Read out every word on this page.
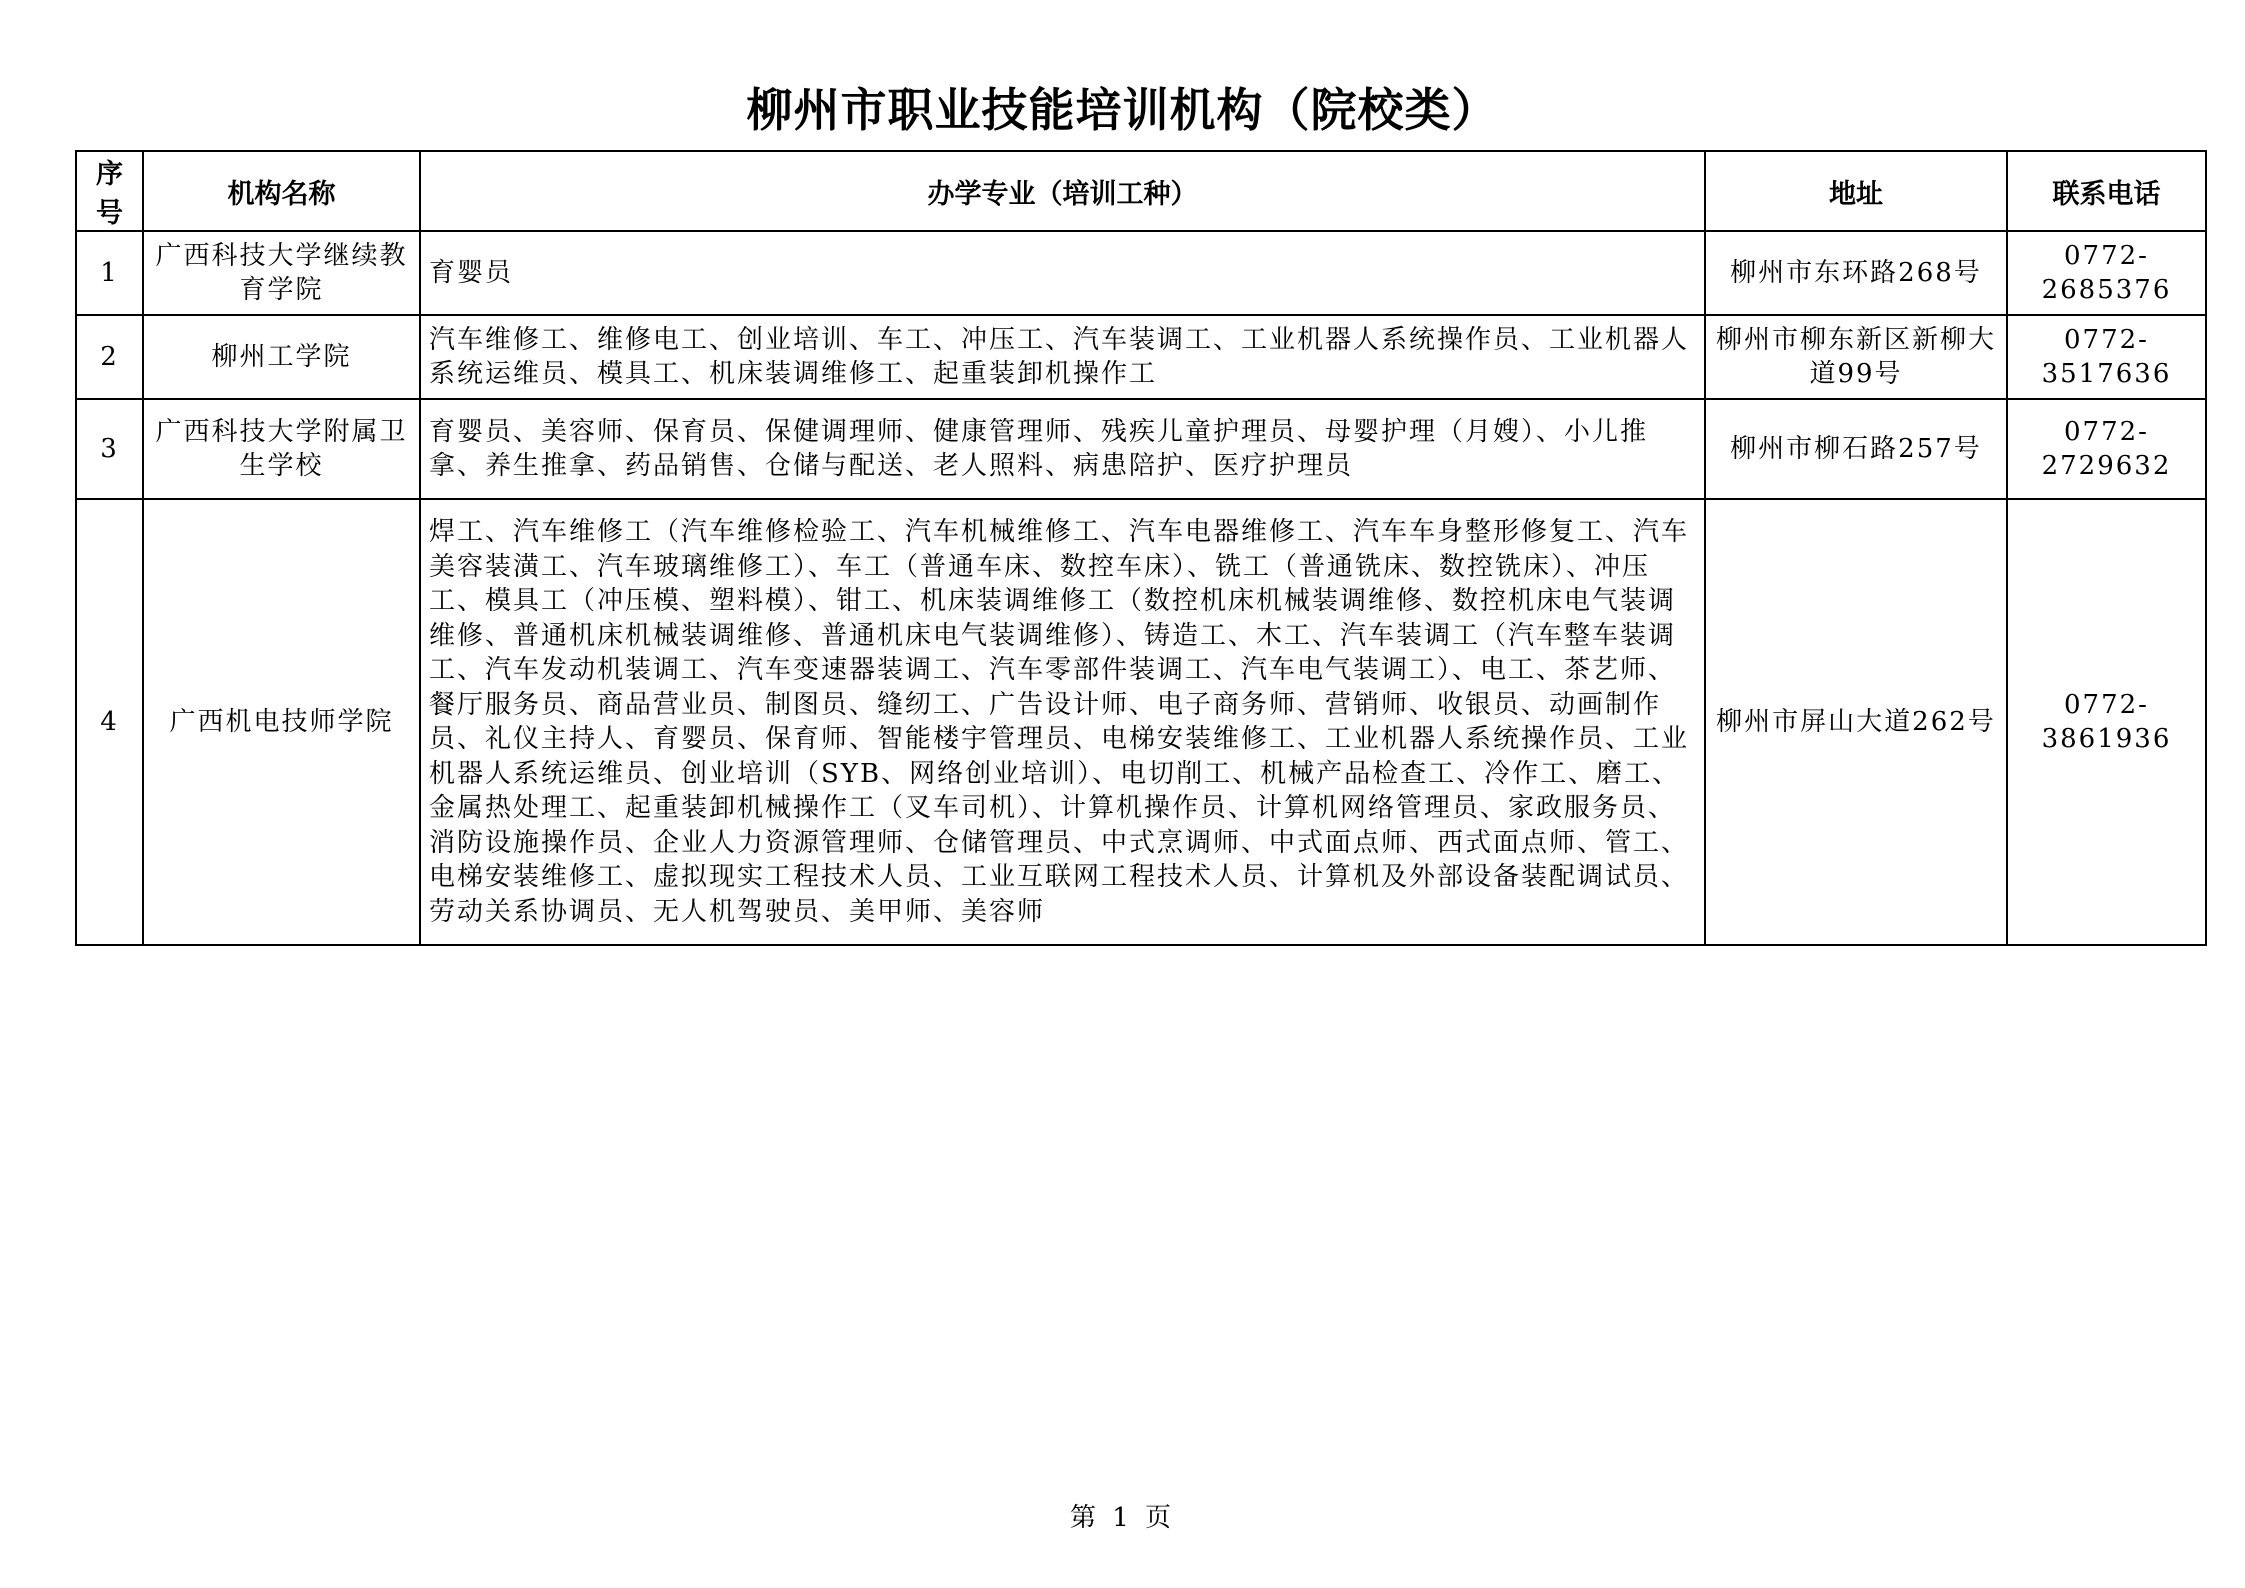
柳州市职业技能培训机构（院校类）
序号	机构名称	办学专业（培训工种）	地址	联系电话
1	广西科技大学继续教育学院	育婴员	柳州市东环路268号	0772-2685376
2	柳州工学院	汽车维修工、维修电工、创业培训、车工、冲压工、汽车装调工、工业机器人系统操作员、工业机器人系统运维员、模具工、机床装调维修工、起重装卸机操作工	柳州市柳东新区新柳大道99号	0772-3517636
3	广西科技大学附属卫生学校	育婴员、美容师、保育员、保健调理师、健康管理师、残疾儿童护理员、母婴护理（月嫂）、小儿推拿、养生推拿、药品销售、仓储与配送、老人照料、病患陪护、医疗护理员	柳州市柳石路257号	0772-2729632
4	广西机电技师学院	焊工、汽车维修工（汽车维修检验工、汽车机械维修工、汽车电器维修工、汽车车身整形修复工、汽车美容装潢工、汽车玻璃维修工）、车工（普通车床、数控车床）、铣工（普通铣床、数控铣床）、冲压工、模具工（冲压模、塑料模）、钳工、机床装调维修工（数控机床机械装调维修、数控机床电气装调维修、普通机床机械装调维修、普通机床电气装调维修）、铸造工、木工、汽车装调工（汽车整车装调工、汽车发动机装调工、汽车变速器装调工、汽车零部件装调工、汽车电气装调工）、电工、茶艺师、餐厅服务员、商品营业员、制图员、缝纫工、广告设计师、电子商务师、营销师、收银员、动画制作员、礼仪主持人、育婴员、保育师、智能楼宇管理员、电梯安装维修工、工业机器人系统操作员、工业机器人系统运维员、创业培训（SYB、网络创业培训）、电切削工、机械产品检查工、冷作工、磨工、金属热处理工、起重装卸机械操作工（叉车司机）、计算机操作员、计算机网络管理员、家政服务员、消防设施操作员、企业人力资源管理师、仓储管理员、中式烹调师、中式面点师、西式面点师、管工、电梯安装维修工、虚拟现实工程技术人员、工业互联网工程技术人员、计算机及外部设备装配调试员、劳动关系协调员、无人机驾驶员、美甲师、美容师	柳州市屏山大道262号	0772-3861936
第 1 页
